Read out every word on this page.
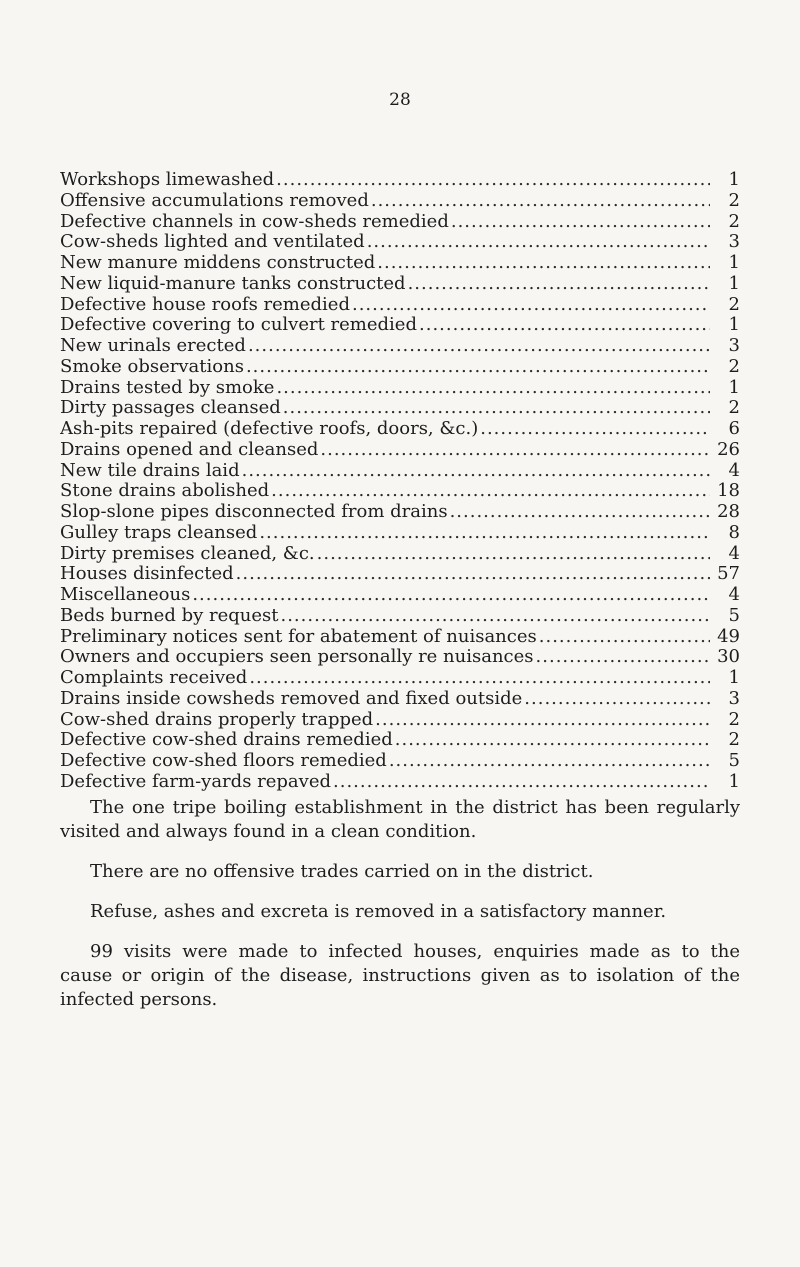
28
Workshops limewashed .....	1
Offensive accumulations removed .....	2
Defective channels in cow-sheds remedied .....	2
Cow-sheds lighted and ventilated .....	3
New manure middens constructed .....	1
New liquid-manure tanks constructed .....	1
Defective house roofs remedied .....	2
Defective covering to culvert remedied .....	1
New urinals erected .....	3
Smoke observations .....	2
Drains tested by smoke .....	1
Dirty passages cleansed .....	2
Ash-pits repaired (defective roofs, doors, &c.) .....	6
Drains opened and cleansed .....	26
New tile drains laid .....	4
Stone drains abolished .....	18
Slop-slone pipes disconnected from drains .....	28
Gulley traps cleansed .....	8
Dirty premises cleaned, &c. .....	4
Houses disinfected .....	57
Miscellaneous .....	4
Beds burned by request .....	5
Preliminary notices sent for abatement of nuisances .....	49
Owners and occupiers seen personally re nuisances .....	30
Complaints received .....	1
Drains inside cowsheds removed and fixed outside .....	3
Cow-shed drains properly trapped .....	2
Defective cow-shed drains remedied .....	2
Defective cow-shed floors remedied .....	5
Defective farm-yards repaved .....	1

The one tripe boiling establishment in the district has been regularly visited and always found in a clean condition.

There are no offensive trades carried on in the district.

Refuse, ashes and excreta is removed in a satisfactory manner.

99 visits were made to infected houses, enquiries made as to the cause or origin of the disease, instructions given as to isolation of the infected persons.
